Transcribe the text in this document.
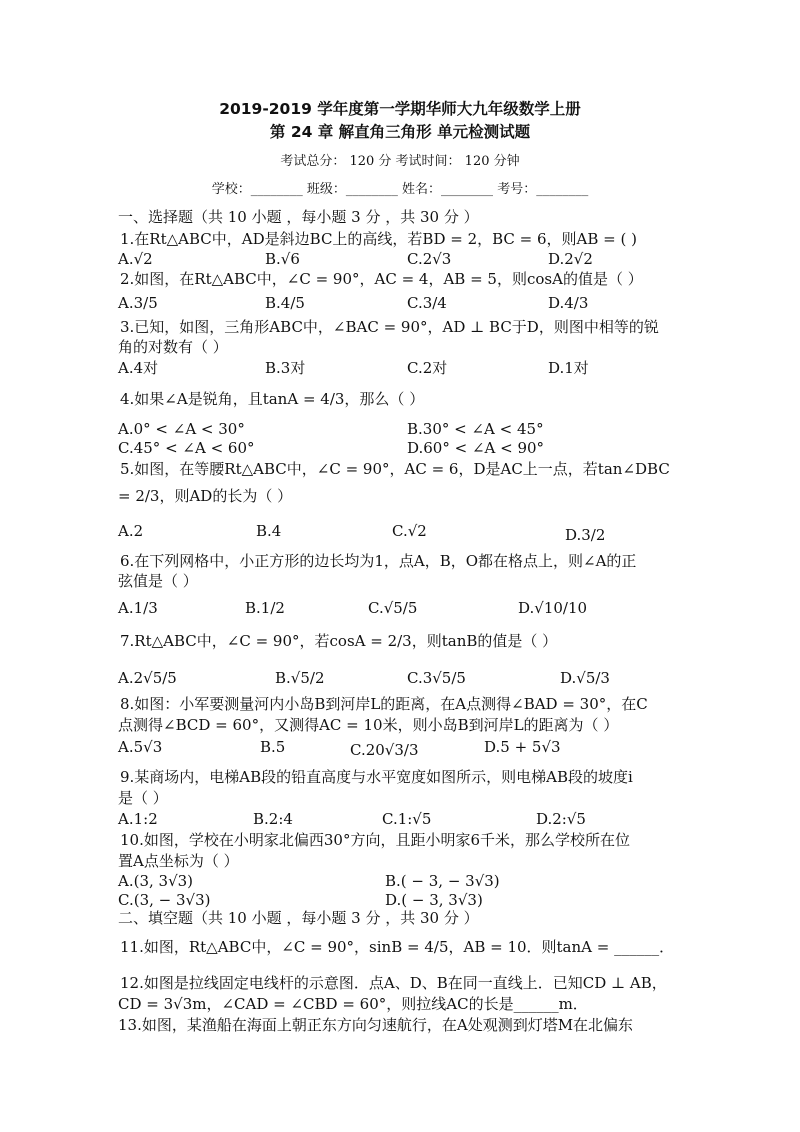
2019-2019 学年度第一学期华师大九年级数学上册
第 24 章 解直角三角形 单元检测试题
考试总分： 120 分 考试时间： 120 分钟
学校：________ 班级：________ 姓名：________ 考号：________
一、选择题（共 10 小题 ，每小题 3 分 ，共 30 分 ）
1.在Rt△ABC中，AD是斜边BC上的高线，若BD = 2，BC = 6，则AB = ( )
A.√2	B.√6	C.2√3	D.2√2
2.如图，在Rt△ABC中，∠C = 90°，AC = 4，AB = 5，则cosA的值是（ ）
A.3/5	B.4/5	C.3/4	D.4/3
3.已知，如图，三角形ABC中，∠BAC = 90°，AD ⊥ BC于D，则图中相等的锐
角的对数有（ ）
A.4对	B.3对	C.2对	D.1对
4.如果∠A是锐角，且tanA = 4/3，那么（ ）
A.0° < ∠A < 30°	B.30° < ∠A < 45°
C.45° < ∠A < 60°	D.60° < ∠A < 90°
5.如图，在等腰Rt△ABC中，∠C = 90°，AC = 6，D是AC上一点，若tan∠DBC
= 2/3，则AD的长为（ ）
A.2	B.4	C.√2	D.3/2
6.在下列网格中，小正方形的边长均为1，点A，B，O都在格点上，则∠A的正
弦值是（ ）
A.1/3	B.1/2	C.√5/5	D.√10/10
7.Rt△ABC中，∠C = 90°，若cosA = 2/3，则tanB的值是（ ）
A.2√5/5	B.√5/2	C.3√5/5	D.√5/3
8.如图：小军要测量河内小岛B到河岸L的距离，在A点测得∠BAD = 30°，在C
点测得∠BCD = 60°，又测得AC = 10米，则小岛B到河岸L的距离为（ ）
A.5√3	B.5	C.20√3/3	D.5 + 5√3
9.某商场内，电梯AB段的铅直高度与水平宽度如图所示，则电梯AB段的坡度i
是（ ）
A.1:2	B.2:4	C.1:√5	D.2:√5
10.如图，学校在小明家北偏西30°方向，且距小明家6千米，那么学校所在位
置A点坐标为（ ）
A.(3, 3√3)	B.( − 3, − 3√3)
C.(3, − 3√3)	D.( − 3, 3√3)
二、填空题（共 10 小题 ，每小题 3 分 ，共 30 分 ）
11.如图，Rt△ABC中，∠C = 90°，sinB = 4/5，AB = 10．则tanA = ______．
12.如图是拉线固定电线杆的示意图．点A、D、B在同一直线上．已知CD ⊥ AB，
CD = 3√3m，∠CAD = ∠CBD = 60°，则拉线AC的长是______m．
13.如图，某渔船在海面上朝正东方向匀速航行，在A处观测到灯塔M在北偏东
